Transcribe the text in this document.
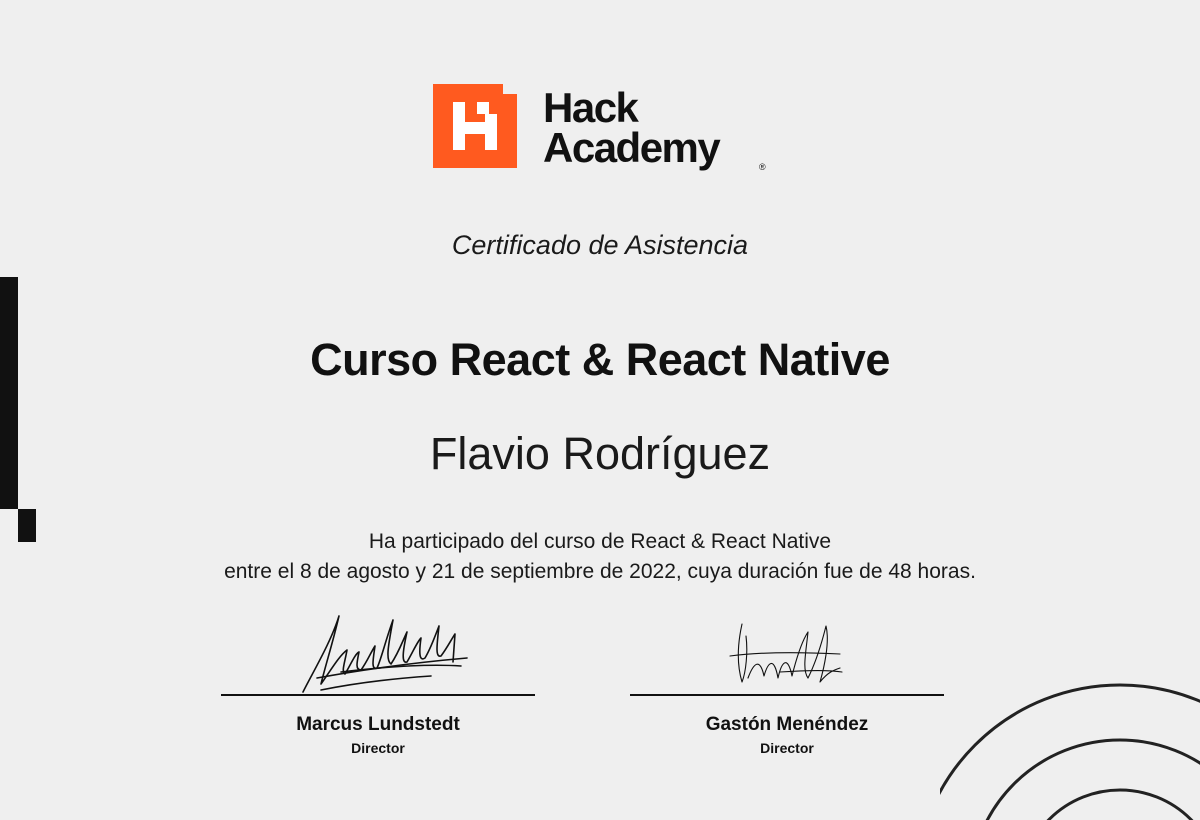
Hack
Academy	®
Certificado de Asistencia
Curso React & React Native
Flavio Rodríguez
Ha participado del curso de React & React Native
entre el 8 de agosto y 21 de septiembre de 2022, cuya duración fue de 48 horas.
Marcus Lundstedt
Director
Gastón Menéndez
Director
